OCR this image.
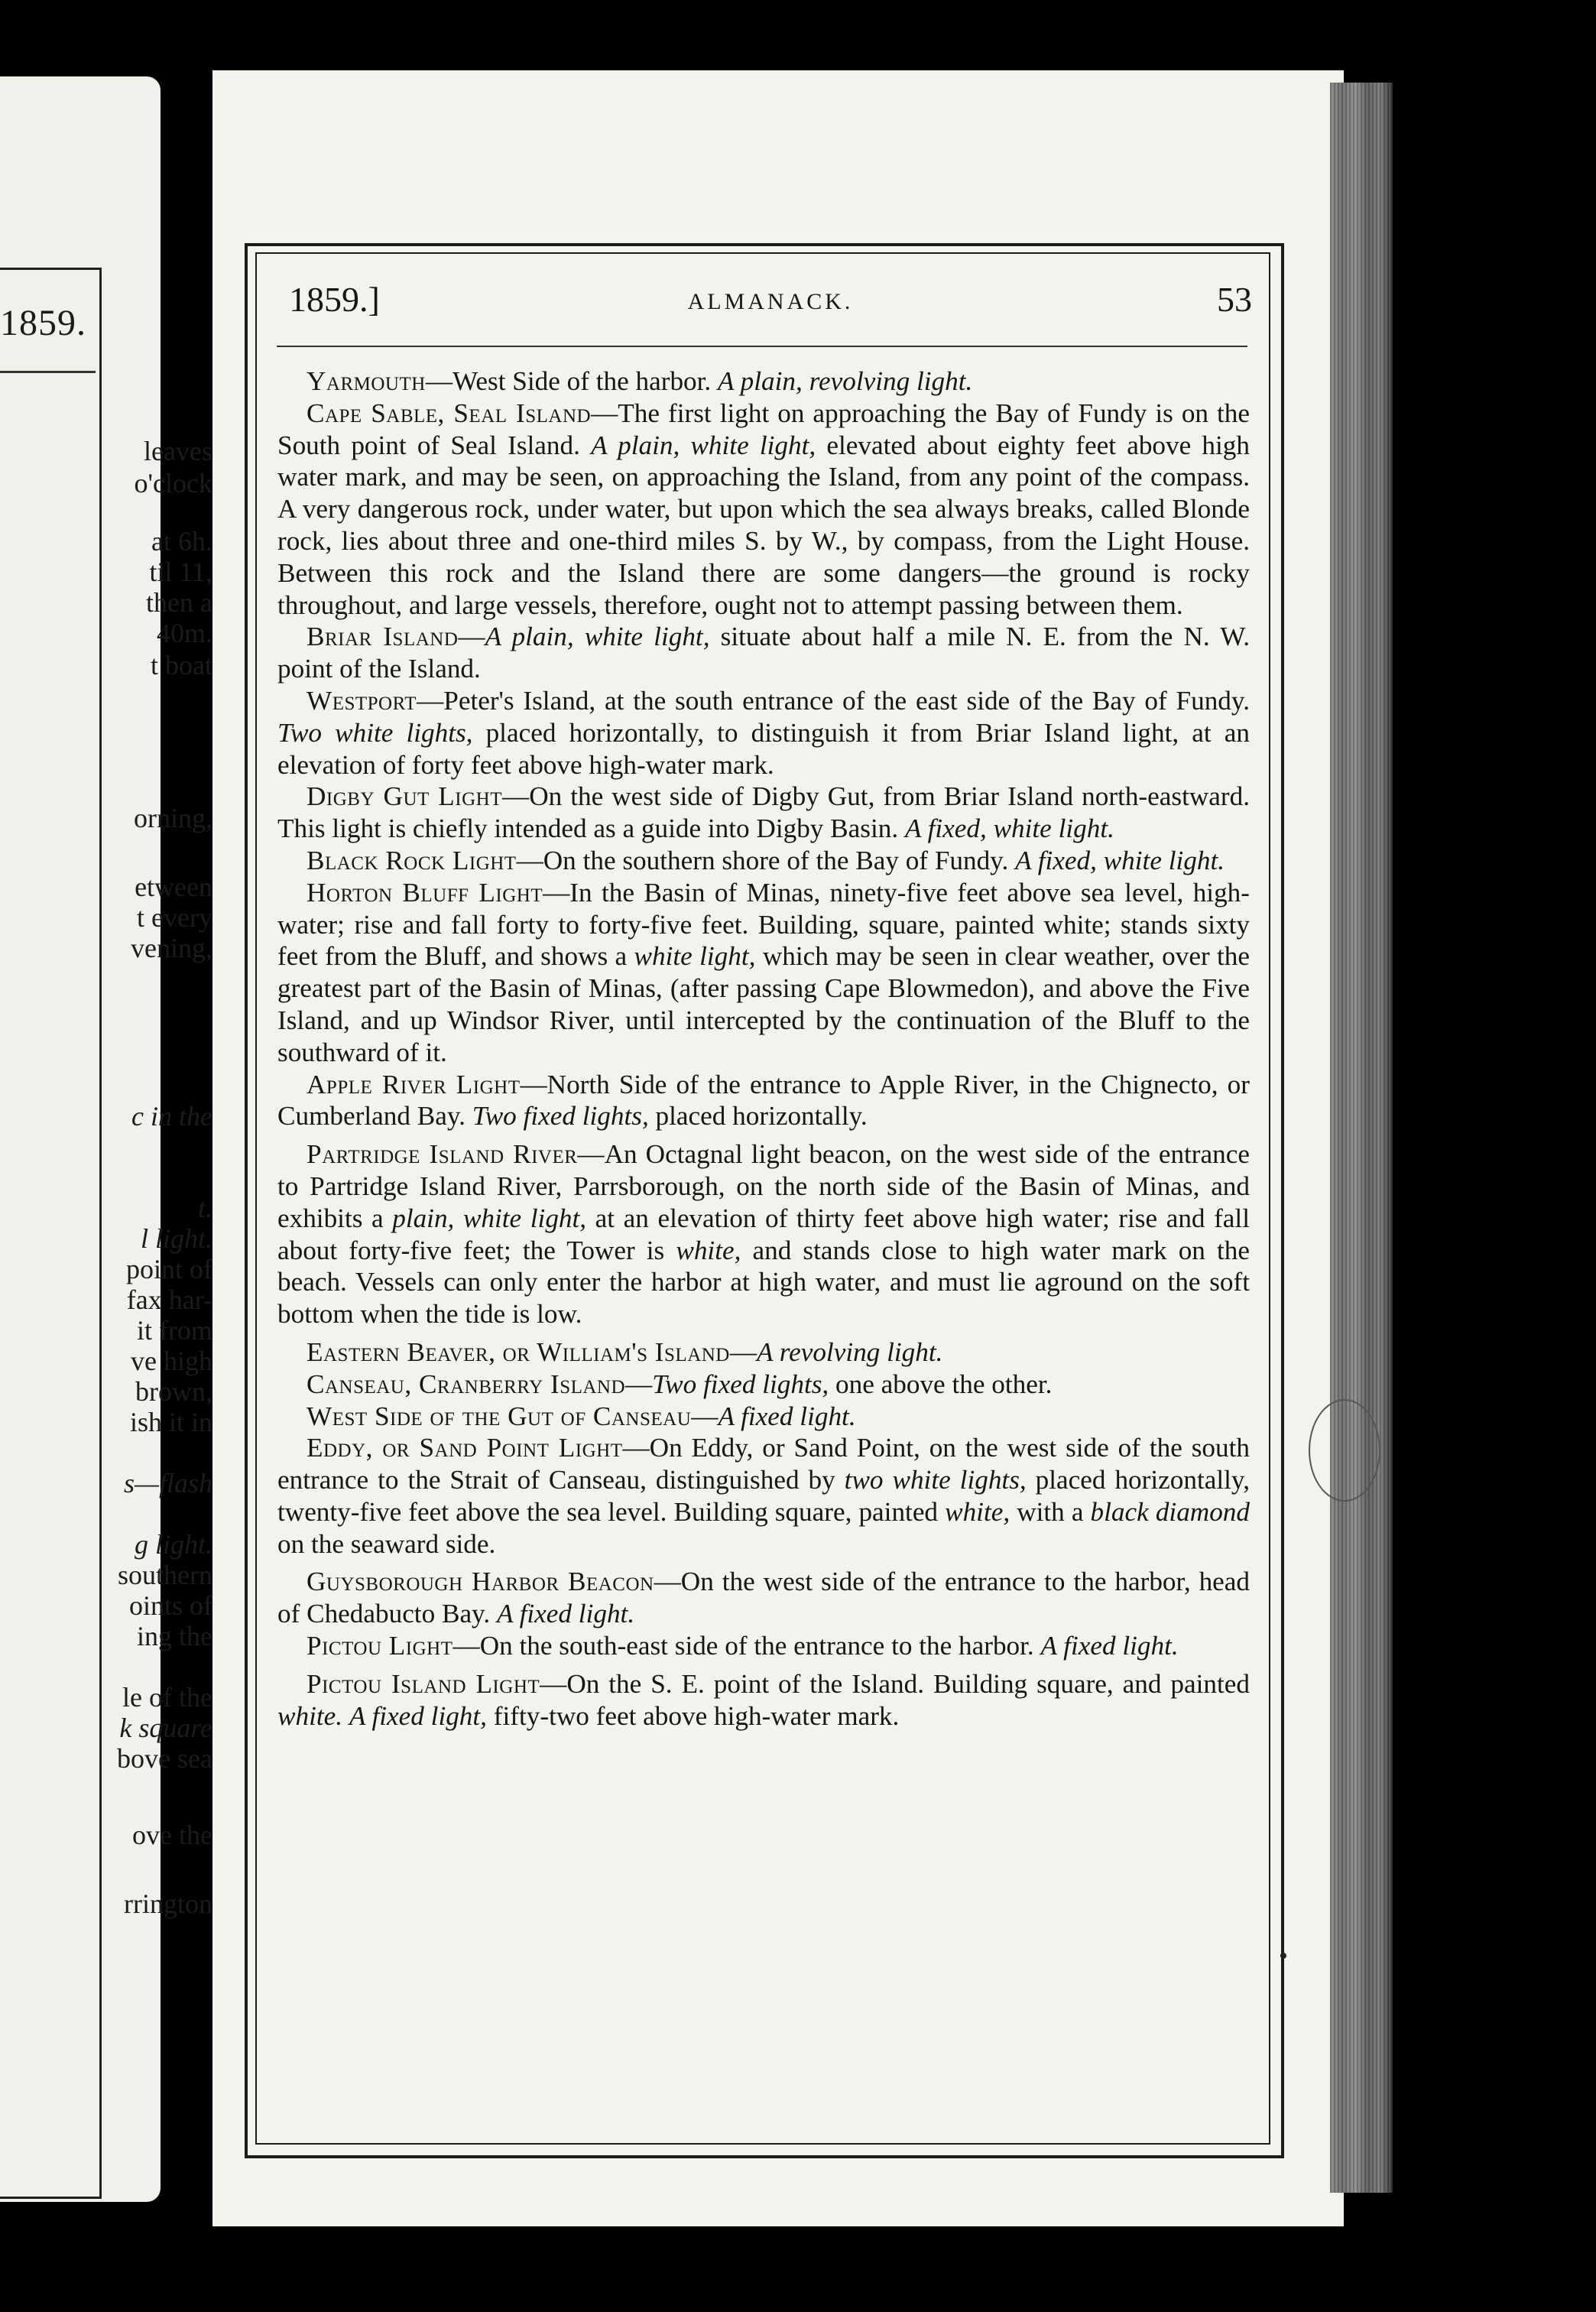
1859.
leaves
o'clock
at 6h.
til 11,
then a
40m.
t boat
orning,
etween
t every
vening,
c in the
t.
l light.
point of
fax har-
it from
ve high
brown,
ish it in
s—flash
g light.
southern
oints of
ing the
le of the
k square
bove sea
ove the
rrington
1859.]	ALMANACK.	53

Yarmouth—West Side of the harbor. A plain, revolving light.

Cape Sable, Seal Island—The first light on approaching the Bay of Fundy is on the South point of Seal Island. A plain, white light, elevated about eighty feet above high water mark, and may be seen, on approaching the Island, from any point of the compass. A very dangerous rock, under water, but upon which the sea always breaks, called Blonde rock, lies about three and one-third miles S. by W., by compass, from the Light House. Between this rock and the Island there are some dangers—the ground is rocky throughout, and large vessels, therefore, ought not to attempt passing between them.

Briar Island—A plain, white light, situate about half a mile N. E. from the N. W. point of the Island.

Westport—Peter's Island, at the south entrance of the east side of the Bay of Fundy. Two white lights, placed horizontally, to distinguish it from Briar Island light, at an elevation of forty feet above high-water mark.

Digby Gut Light—On the west side of Digby Gut, from Briar Island north-eastward. This light is chiefly intended as a guide into Digby Basin. A fixed, white light.

Black Rock Light—On the southern shore of the Bay of Fundy. A fixed, white light.

Horton Bluff Light—In the Basin of Minas, ninety-five feet above sea level, high-water; rise and fall forty to forty-five feet. Building, square, painted white; stands sixty feet from the Bluff, and shows a white light, which may be seen in clear weather, over the greatest part of the Basin of Minas, (after passing Cape Blowmedon), and above the Five Island, and up Windsor River, until intercepted by the continuation of the Bluff to the southward of it.

Apple River Light—North Side of the entrance to Apple River, in the Chignecto, or Cumberland Bay. Two fixed lights, placed horizontally.

Partridge Island River—An Octagnal light beacon, on the west side of the entrance to Partridge Island River, Parrsborough, on the north side of the Basin of Minas, and exhibits a plain, white light, at an elevation of thirty feet above high water; rise and fall about forty-five feet; the Tower is white, and stands close to high water mark on the beach. Vessels can only enter the harbor at high water, and must lie aground on the soft bottom when the tide is low.

Eastern Beaver, or William's Island—A revolving light.

Canseau, Cranberry Island—Two fixed lights, one above the other.

West Side of the Gut of Canseau—A fixed light.

Eddy, or Sand Point Light—On Eddy, or Sand Point, on the west side of the south entrance to the Strait of Canseau, distinguished by two white lights, placed horizontally, twenty-five feet above the sea level. Building square, painted white, with a black diamond on the seaward side.

Guysborough Harbor Beacon—On the west side of the entrance to the harbor, head of Chedabucto Bay. A fixed light.

Pictou Light—On the south-east side of the entrance to the harbor. A fixed light.

Pictou Island Light—On the S. E. point of the Island. Building square, and painted white. A fixed light, fifty-two feet above high-water mark.

•
